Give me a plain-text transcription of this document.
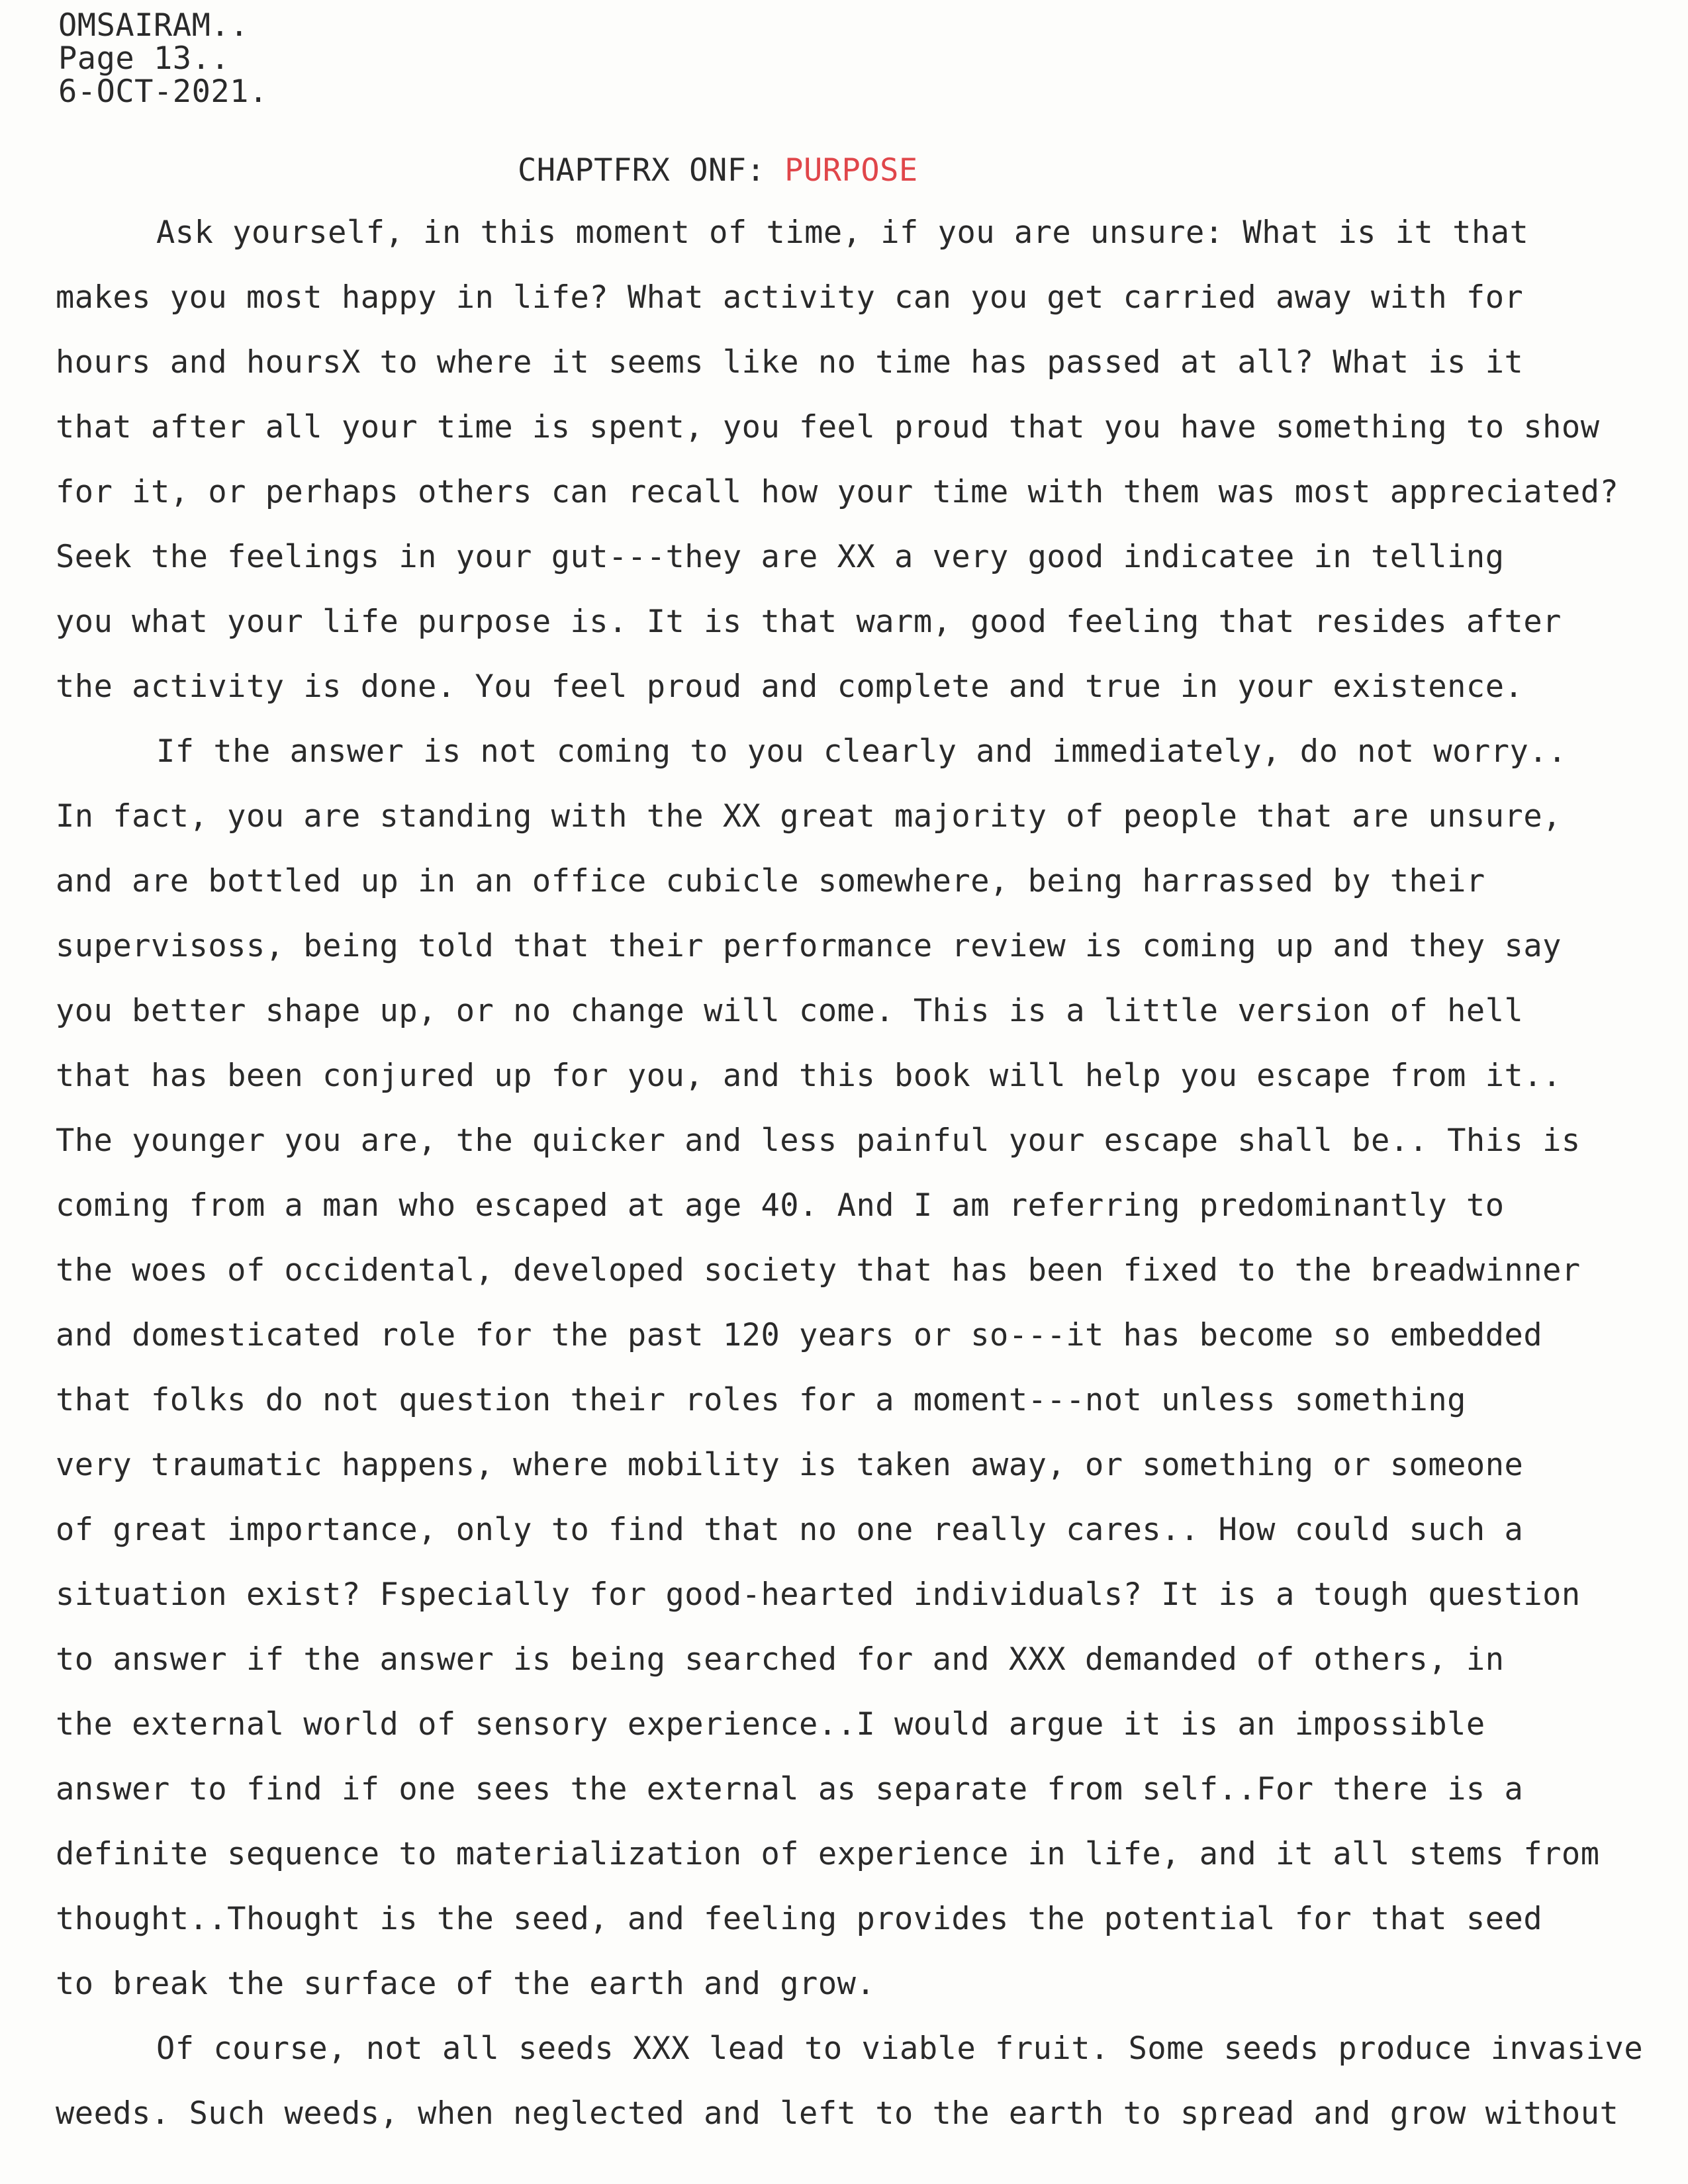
OMSAIRAM..
Page 13..
6-OCT-2021.
CHAPTFRX ONF: PURPOSE
Ask yourself, in this moment of time, if you are unsure: What is it that
makes you most happy in life? What activity can you get carried away with for
hours and hoursX to where it seems like no time has passed at all? What is it
that after all your time is spent, you feel proud that you have something to show
for it, or perhaps others can recall how your time with them was most appreciated?
Seek the feelings in your gut---they are XX a very good indicatee in telling
you what your life purpose is. It is that warm, good feeling that resides after
the activity is done. You feel proud and complete and true in your existence.
If the answer is not coming to you clearly and immediately, do not worry..
In fact, you are standing with the XX great majority of people that are unsure,
and are bottled up in an office cubicle somewhere, being harrassed by their
supervisoss, being told that their performance review is coming up and they say
you better shape up, or no change will come. This is a little version of hell
that has been conjured up for you, and this book will help you escape from it..
The younger you are, the quicker and less painful your escape shall be.. This is
coming from a man who escaped at age 40. And I am referring predominantly to
the woes of occidental, developed society that has been fixed to the breadwinner
and domesticated role for the past 120 years or so---it has become so embedded
that folks do not question their roles for a moment---not unless something
very traumatic happens, where mobility is taken away, or something or someone
of great importance, only to find that no one really cares.. How could such a
situation exist? Fspecially for good-hearted individuals? It is a tough question
to answer if the answer is being searched for and XXX demanded of others, in
the external world of sensory experience..I would argue it is an impossible
answer to find if one sees the external as separate from self..For there is a
definite sequence to materialization of experience in life, and it all stems from
thought..Thought is the seed, and feeling provides the potential for that seed
to break the surface of the earth and grow.
Of course, not all seeds XXX lead to viable fruit. Some seeds produce invasive
weeds. Such weeds, when neglected and left to the earth to spread and grow without
